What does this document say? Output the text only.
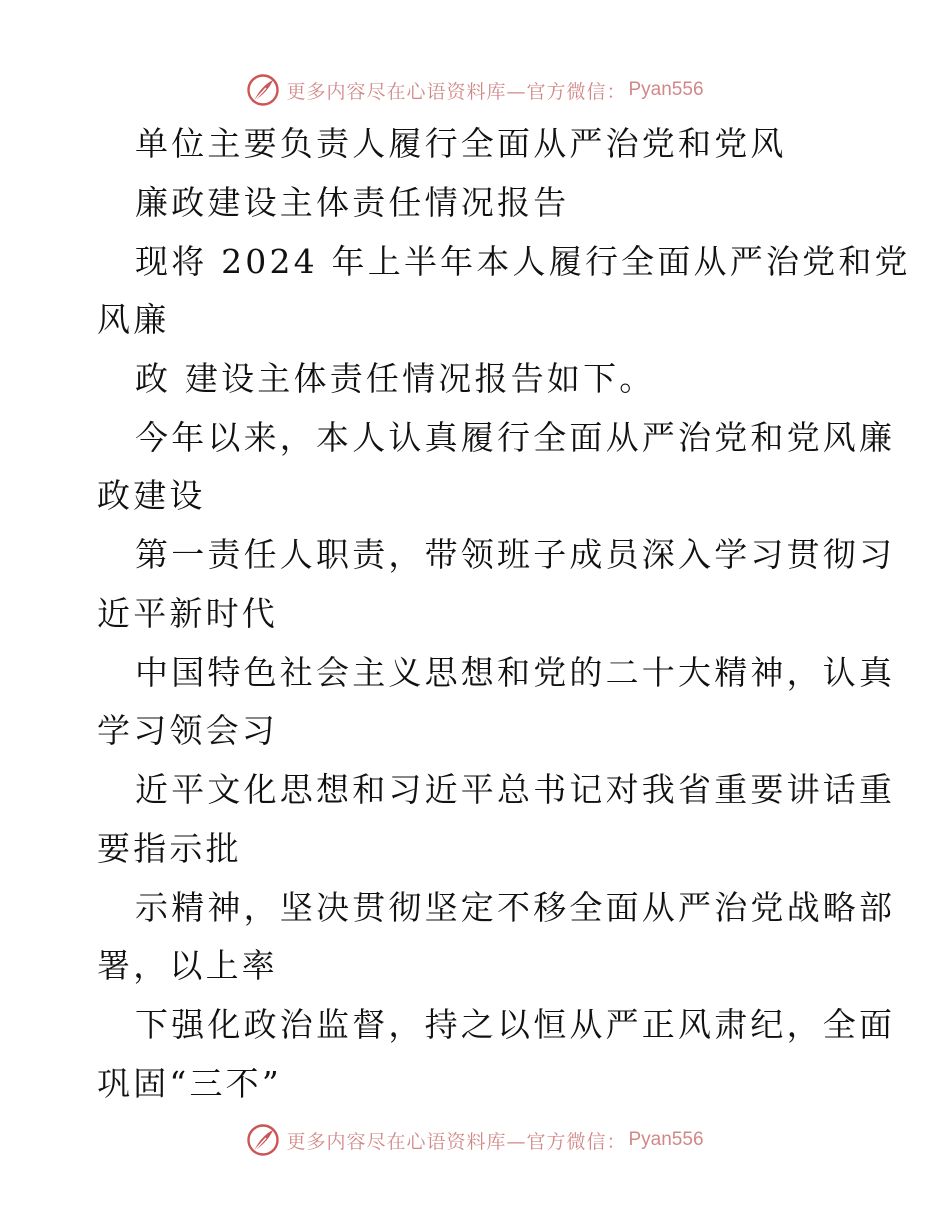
更多内容尽在心语资料库—官方微信： Pyan556
单位主要负责人履行全面从严治党和党风
廉政建设主体责任情况报告
现将 2024 年上半年本人履行全面从严治党和党
风廉
政 建设主体责任情况报告如下。
今年以来，本人认真履行全面从严治党和党风廉
政建设
第一责任人职责，带领班子成员深入学习贯彻习
近平新时代
中国特色社会主义思想和党的二十大精神，认真
学习领会习
近平文化思想和习近平总书记对我省重要讲话重
要指示批
示精神，坚决贯彻坚定不移全面从严治党战略部
署，以上率
下强化政治监督，持之以恒从严正风肃纪，全面
巩固“三不”
更多内容尽在心语资料库—官方微信： Pyan556
